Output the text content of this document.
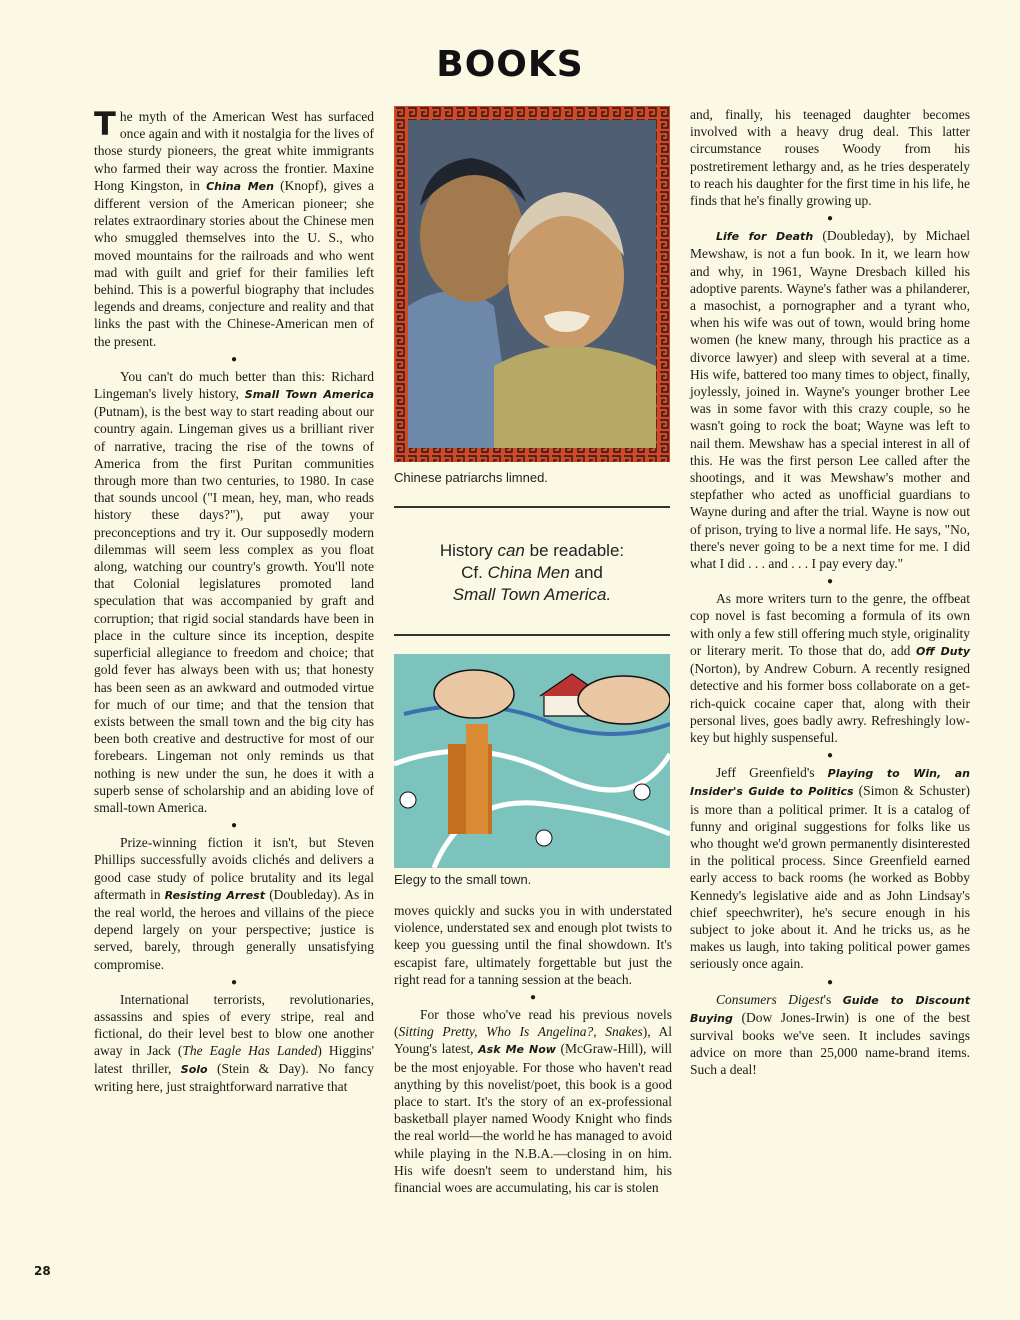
BOOKS

The myth of the American West has surfaced once again and with it nostalgia for the lives of those sturdy pioneers, the great white immigrants who farmed their way across the frontier. Maxine Hong Kingston, in China Men (Knopf), gives a different version of the American pioneer; she relates extraordinary stories about the Chinese men who smuggled themselves into the U. S., who moved mountains for the railroads and who went mad with guilt and grief for their families left behind. This is a powerful biography that includes legends and dreams, conjecture and reality and that links the past with the Chinese-American men of the present.

●

You can't do much better than this: Richard Lingeman's lively history, Small Town America (Putnam), is the best way to start reading about our country again. Lingeman gives us a brilliant river of narrative, tracing the rise of the towns of America from the first Puritan communities through more than two centuries, to 1980. In case that sounds uncool ("I mean, hey, man, who reads history these days?"), put away your preconceptions and try it. Our supposedly modern dilemmas will seem less complex as you float along, watching our country's growth. You'll note that Colonial legislatures promoted land speculation that was accompanied by graft and corruption; that rigid social standards have been in place in the culture since its inception, despite superficial allegiance to freedom and choice; that gold fever has always been with us; that honesty has been seen as an awkward and outmoded virtue for much of our time; and that the tension that exists between the small town and the big city has been both creative and destructive for most of our forebears. Lingeman not only reminds us that nothing is new under the sun, he does it with a superb sense of scholarship and an abiding love of small-town America.

●

Prize-winning fiction it isn't, but Steven Phillips successfully avoids clichés and delivers a good case study of police brutality and its legal aftermath in Resisting Arrest (Doubleday). As in the real world, the heroes and villains of the piece depend largely on your perspective; justice is served, barely, through generally unsatisfying compromise.

●

International terrorists, revolutionaries, assassins and spies of every stripe, real and fictional, do their level best to blow one another away in Jack (The Eagle Has Landed) Higgins' latest thriller, Solo (Stein & Day). No fancy writing here, just straightforward narrative that

Chinese patriarchs limned.
History can be readable:
Cf. China Men and
Small Town America.
Elegy to the small town.

moves quickly and sucks you in with understated violence, understated sex and enough plot twists to keep you guessing until the final showdown. It's escapist fare, ultimately forgettable but just the right read for a tanning session at the beach.

●

For those who've read his previous novels (Sitting Pretty, Who Is Angelina?, Snakes), Al Young's latest, Ask Me Now (McGraw-Hill), will be the most enjoyable. For those who haven't read anything by this novelist/poet, this book is a good place to start. It's the story of an ex-professional basketball player named Woody Knight who finds the real world—the world he has managed to avoid while playing in the N.B.A.—closing in on him. His wife doesn't seem to understand him, his financial woes are accumulating, his car is stolen

and, finally, his teenaged daughter becomes involved with a heavy drug deal. This latter circumstance rouses Woody from his postretirement lethargy and, as he tries desperately to reach his daughter for the first time in his life, he finds that he's finally growing up.

●

Life for Death (Doubleday), by Michael Mewshaw, is not a fun book. In it, we learn how and why, in 1961, Wayne Dresbach killed his adoptive parents. Wayne's father was a philanderer, a masochist, a pornographer and a tyrant who, when his wife was out of town, would bring home women (he knew many, through his practice as a divorce lawyer) and sleep with several at a time. His wife, battered too many times to object, finally, joylessly, joined in. Wayne's younger brother Lee was in some favor with this crazy couple, so he wasn't going to rock the boat; Wayne was left to nail them. Mewshaw has a special interest in all of this. He was the first person Lee called after the shootings, and it was Mewshaw's mother and stepfather who acted as unofficial guardians to Wayne during and after the trial. Wayne is now out of prison, trying to live a normal life. He says, "No, there's never going to be a next time for me. I did what I did . . . and . . . I pay every day."

●

As more writers turn to the genre, the offbeat cop novel is fast becoming a formula of its own with only a few still offering much style, originality or literary merit. To those that do, add Off Duty (Norton), by Andrew Coburn. A recently resigned detective and his former boss collaborate on a get-rich-quick cocaine caper that, along with their personal lives, goes badly awry. Refreshingly low-key but highly suspenseful.

●

Jeff Greenfield's Playing to Win, an Insider's Guide to Politics (Simon & Schuster) is more than a political primer. It is a catalog of funny and original suggestions for folks like us who thought we'd grown permanently disinterested in the political process. Since Greenfield earned early access to back rooms (he worked as Bobby Kennedy's legislative aide and as John Lindsay's chief speechwriter), he's secure enough in his subject to joke about it. And he tricks us, as he makes us laugh, into taking political power games seriously once again.

●

Consumers Digest's Guide to Discount Buying (Dow Jones-Irwin) is one of the best survival books we've seen. It includes savings advice on more than 25,000 name-brand items. Such a deal!

28
